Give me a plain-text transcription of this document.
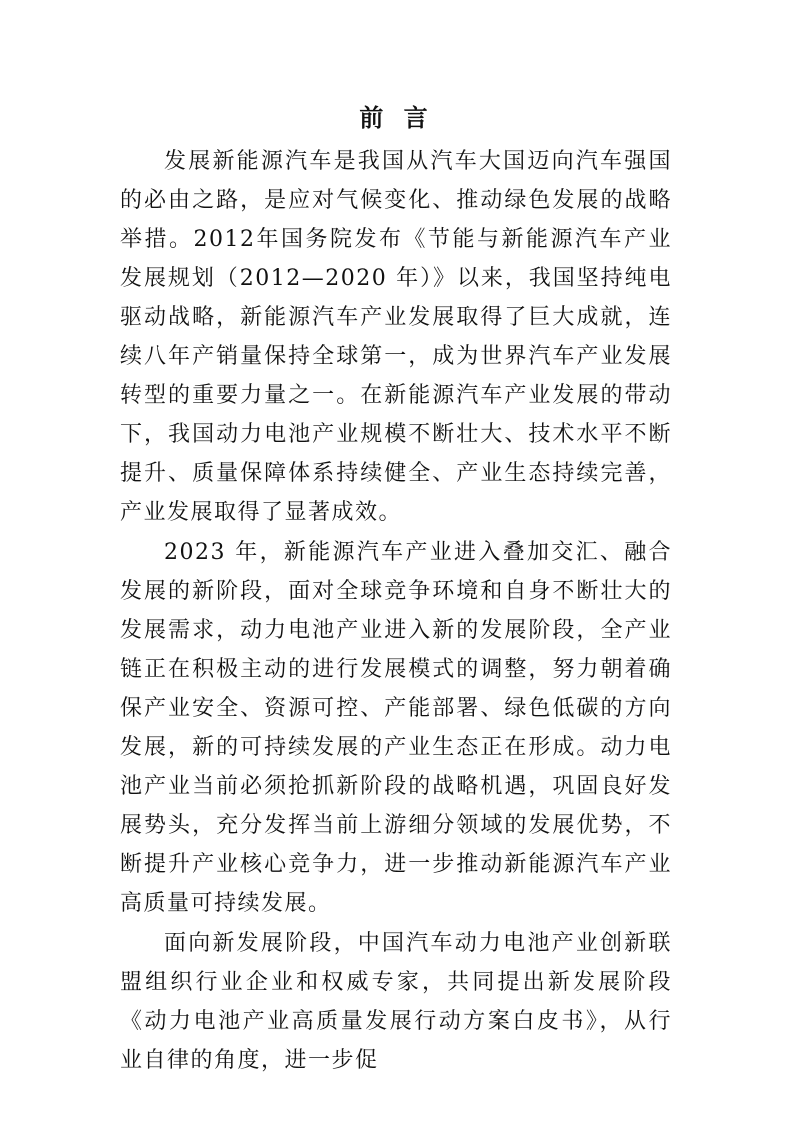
前 言

发展新能源汽车是我国从汽车大国迈向汽车强国的必由之路，是应对气候变化、推动绿色发展的战略举措。2012年国务院发布《节能与新能源汽车产业发展规划（2012—2020 年）》以来，我国坚持纯电驱动战略，新能源汽车产业发展取得了巨大成就，连续八年产销量保持全球第一，成为世界汽车产业发展转型的重要力量之一。在新能源汽车产业发展的带动下，我国动力电池产业规模不断壮大、技术水平不断提升、质量保障体系持续健全、产业生态持续完善，产业发展取得了显著成效。

2023 年，新能源汽车产业进入叠加交汇、融合发展的新阶段，面对全球竞争环境和自身不断壮大的发展需求，动力电池产业进入新的发展阶段，全产业链正在积极主动的进行发展模式的调整，努力朝着确保产业安全、资源可控、产能部署、绿色低碳的方向发展，新的可持续发展的产业生态正在形成。动力电池产业当前必须抢抓新阶段的战略机遇，巩固良好发展势头，充分发挥当前上游细分领域的发展优势，不断提升产业核心竞争力，进一步推动新能源汽车产业高质量可持续发展。

面向新发展阶段，中国汽车动力电池产业创新联盟组织行业企业和权威专家，共同提出新发展阶段《动力电池产业高质量发展行动方案白皮书》，从行业自律的角度，进一步促
